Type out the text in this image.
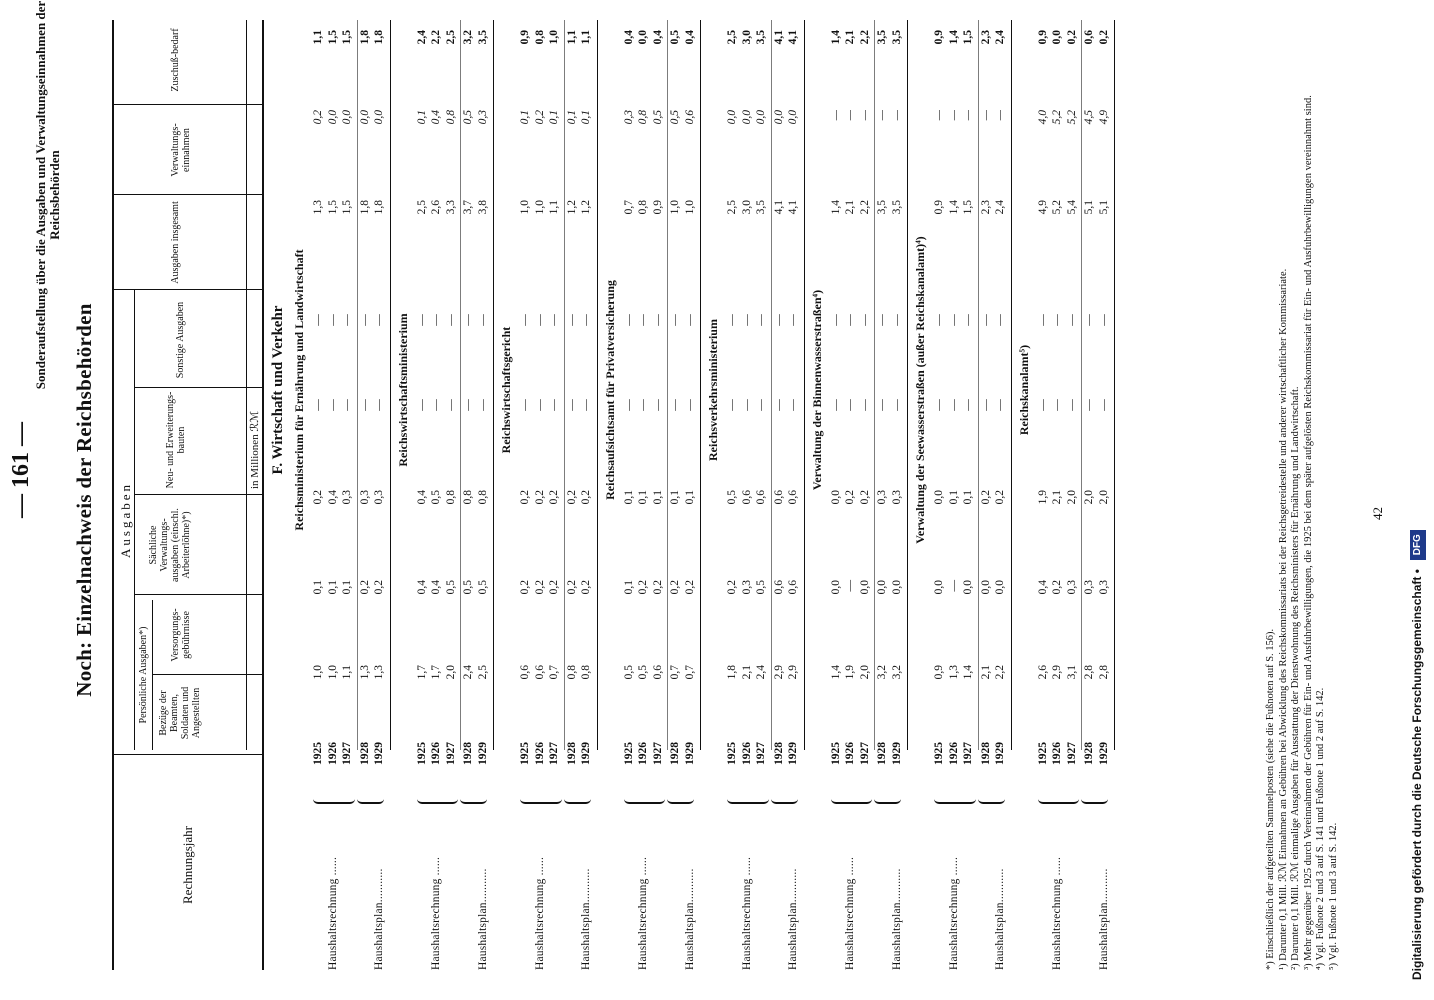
— 161 —
Sonderaufstellung über die Ausgaben und Verwaltungseinnahmen der Reichsbehörden
Noch: Einzelnachweis der Reichsbehörden
Rechnungsjahr
Ausgaben
Persönliche Ausgaben*) Bezüge der Beamten, Soldaten und Angestellten
Versorgungs-gebührnisse
Sächliche Verwaltungs-ausgaben (einschl. Arbeiterlöhne)*)
Neu- und Erweiterungs-bauten
Sonstige Ausgaben
Ausgaben insgesamt
Verwaltungs-einnahmen
Zuschuß-bedarf
in Millionen ℛℳ F. Wirtschaft und Verkehr Reichsministerium für Ernährung und Landwirtschaft
1925
1,0
0,1
0,2
—
—
1,3
0,2
1,1
Haushaltsrechnung ......
1926
1,0
0,1
0,4
—
—
1,5
0,0
1,5
1927
1,1
0,1
0,3
—
—
1,5
0,0
1,5
1928
1,3
0,2
0,3
—
—
1,8
0,0
1,8
Haushaltsplan...........
1929
1,3
0,2
0,3
—
—
1,8
0,0
1,8
Reichswirtschaftsministerium
1925
1,7
0,4
0,4
—
—
2,5
0,1
2,4
Haushaltsrechnung ......
1926
1,7
0,4
0,5
—
—
2,6
0,4
2,2
1927
2,0
0,5
0,8
—
—
3,3
0,8
2,5
1928
2,4
0,5
0,8
—
—
3,7
0,5
3,2
Haushaltsplan...........
1929
2,5
0,5
0,8
—
—
3,8
0,3
3,5
Reichswirtschaftsgericht
1925
0,6
0,2
0,2
—
—
1,0
0,1
0,9
Haushaltsrechnung ......
1926
0,6
0,2
0,2
—
—
1,0
0,2
0,8
1927
0,7
0,2
0,2
—
—
1,1
0,1
1,0
1928
0,8
0,2
0,2
—
—
1,2
0,1
1,1
Haushaltsplan...........
1929
0,8
0,2
0,2
—
—
1,2
0,1
1,1
Reichsaufsichtsamt für Privatversicherung
1925
0,5
0,1
0,1
—
—
0,7
0,3
0,4
Haushaltsrechnung ......
1926
0,5
0,2
0,1
—
—
0,8
0,8
0,0
1927
0,6
0,2
0,1
—
—
0,9
0,5
0,4
1928
0,7
0,2
0,1
—
—
1,0
0,5
0,5
Haushaltsplan...........
1929
0,7
0,2
0,1
—
—
1,0
0,6
0,4
Reichsverkehrsministerium
1925
1,8
0,2
0,5
—
—
2,5
0,0
2,5
Haushaltsrechnung ......
1926
2,1
0,3
0,6
—
—
3,0
0,0
3,0
1927
2,4
0,5
0,6
—
—
3,5
0,0
3,5
1928
2,9
0,6
0,6
—
—
4,1
0,0
4,1
Haushaltsplan...........
1929
2,9
0,6
0,6
—
—
4,1
0,0
4,1
Verwaltung der Binnenwasserstraßen⁴)
1925
1,4
0,0
0,0
—
—
1,4
—
1,4
Haushaltsrechnung ......
1926
1,9
—
0,2
—
—
2,1
—
2,1
1927
2,0
0,0
0,2
—
—
2,2
—
2,2
1928
3,2
0,0
0,3
—
—
3,5
—
3,5
Haushaltsplan...........
1929
3,2
0,0
0,3
—
—
3,5
—
3,5
Verwaltung der Seewasserstraßen (außer Reichskanalamt)⁴)
1925
0,9
0,0
0,0
—
—
0,9
—
0,9
Haushaltsrechnung ......
1926
1,3
—
0,1
—
—
1,4
—
1,4
1927
1,4
0,0
0,1
—
—
1,5
—
1,5
1928
2,1
0,0
0,2
—
—
2,3
—
2,3
Haushaltsplan...........
1929
2,2
0,0
0,2
—
—
2,4
—
2,4
Reichskanalamt⁵)
1925
2,6
0,4
1,9
—
—
4,9
4,0
0,9
Haushaltsrechnung ......
1926
2,9
0,2
2,1
—
—
5,2
5,2
0,0
1927
3,1
0,3
2,0
—
—
5,4
5,2
0,2
1928
2,8
0,3
2,0
—
—
5,1
4,5
0,6
Haushaltsplan...........
1929
2,8
0,3
2,0
—
—
5,1
4,9
0,2
*) Einschließlich der aufgeteilten Sammelposten (siehe die Fußnoten auf S. 156). ¹) Darunter 0,1 Mill. ℛℳ Einnahmen an Gebühren bei Abwicklung des Reichskommissariats bei der Reichsgetreidestelle und anderer wirtschaftlicher Kommissariate. ²) Darunter 0,1 Mill. ℛℳ einmalige Ausgaben für Ausstattung der Dienstwohnung des Reichsministers für Ernährung und Landwirtschaft. ³) Mehr gegenüber 1925 durch Vereinnahmen der Gebühren für Ein- und Ausfuhrbewilligungen, die 1925 bei dem später aufgelösten Reichskommissariat für Ein- und Ausfuhrbewilligungen vereinnahmt sind. ⁴) Vgl. Fußnote 2 und 3 auf S. 141 und Fußnote 1 und 2 auf S. 142. ⁵) Vgl. Fußnote 1 und 3 auf S. 142.
42
Digitalisierung gefördert durch die Deutsche Forschungsgemeinschaft • DFG
